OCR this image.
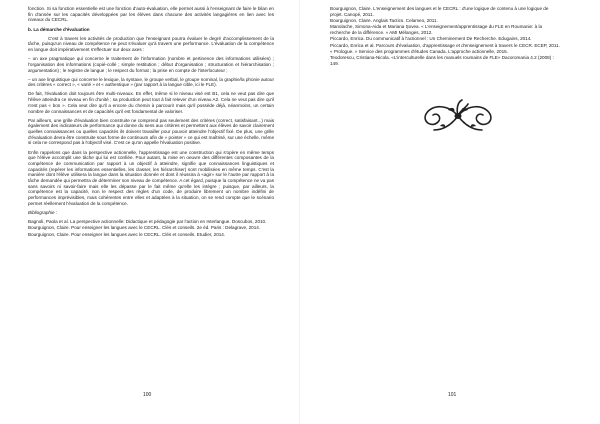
fonction. Si sa fonction essentielle est une fonction d'auto-évaluation, elle permet aussi à l'enseignant de faire le bilan en fin d'année sur les capacités développées par les élèves dans chacune des activités langagières en lien avec les niveaux du CECRL.

b. La démarche d'évaluation

C'est à travers les activités de production que l'enseignant pourra évaluer le degré d'accomplissement de la tâche, puisqu'un niveau de compétence ne peut s'évaluer qu'à travers une performance. L'évaluation de la compétence en langue doit impérativement s'effectuer sur deux axes :

– un axe pragmatique qui concerne le traitement de l'information (nombre et pertinence des informations utilisées) ; l'organisation des informations (copié-collé ; simple restitution ; début d'organisation ; structuration et hiérarchisation ; argumentation) ; le registre de langue ; le respect du format ; la prise en compte de l'interlocuteur ;

– un axe linguistique qui concerne le lexique, la syntaxe, le groupe verbal, le groupe nominal, la graphie/la phonie autour des critères « correct », « varié » et « authentique » (par rapport à la langue cible, ici le FLE).

De fait, l'évaluation doit toujours être multi-niveaux. En effet, même si le niveau visé est B1, cela ne veut pas dire que l'élève atteindra ce niveau en fin d'unité ; sa production peut tout à fait relever d'un niveau A2. Cela ne veut pas dire qu'il n'est pas « bon ». Cela veut dire qu'il a encore du chemin à parcourir mais qu'il possède déjà, néanmoins, un certain nombre de connaissances et de capacités qu'il est fondamental de valoriser.

Par ailleurs, une grille d'évaluation bien construite ne comprend pas seulement des critères (correct, satisfaisant...) mais également des indicateurs de performance qui donne du sens aux critères et permettent aux élèves de savoir clairement quelles connaissances ou quelles capacités ils doivent travailler pour pouvoir atteindre l'objectif fixé. De plus, une grille d'évaluation devra être construite sous forme de continuum afin de « pointer » ce qui est maîtrisé, sur une échelle, même si cela ne correspond pas à l'objectif visé. C'est ce qu'on appelle l'évaluation positive.

Enfin rappelons que dans la perspective actionnelle, l'apprentissage est une construction qui s'opère en même temps que l'élève accomplit une tâche qui lui est confiée. Pour autant, la mise en oeuvre des différentes composantes de la compétence de communication par rapport à un objectif à atteindre, signifie que connaissances linguistiques et capacités (repérer les informations essentielles, les classer, les hiérarchiser) sont mobilisées en même temps. C'est la manière dont l'élève utilisera la langue dans la situation donnée et dont il réussira à «agir» sur le l'autre par rapport à la tâche demandée qui permettra de déterminer son niveau de compétence. A cet égard, puisque la compétence ne va pas sans savoirs ni savoir-faire mais elle les dépasse par le fait même qu'elle les intègre ; puisque, par ailleurs, la compétence est la capacité, non le respect des règles d'un code, de produire librement un nombre indéfini de performances imprévisibles, mais cohérentes entre elles et adaptées à la situation, on se rend compte que le scénario permet réellement l'évaluation de la compétence.

Bibliographie :

Bagnoli, Paola et al. La perspective actionnelle: Didactique et pédagogie par l'action en Interlangue. Doscubos, 2010.

Bourguignon, Claire. Pour enseigner les langues avec le CECRL. Clés et conseils. 2e éd. Paris : Delagrave, 2014.

Bourguignon, Claire. Pour enseigner les langues avec le CECRL. Clés et conseils. Etudier, 2014.

100

Bourguignon, Claire. L'enseignement des langues et le CECRL : d'une logique de contenu à une logique de projet. Canopé, 2011.

Bourguignon, Claire. Anglais Tactics. Celameo, 2011.

Manolache, Simona-Aida et Mariana Șovea. « L'enseignement/apprentissage du FLE en Roumanie: à la recherche de la différence. » AMI Mélanges, 2012.

Piccardo, Enrica. Du communicatif à l'actionnel : Un Cheminement De Recherche. Edugains, 2014.

Piccardo, Enrica et al. Parcours d'évaluation, d'apprentissage et d'enseignement à travers le CECR. ECEP, 2011.

« Prologue. » Service des programmes d'études Canada. L'approche actionnelle, 2015.

Teodorescu, Cristiana-Nicola. «L'interculturelle dans les manuels roumains de FLE» Dacoromania 4.2 (2008) : 149.

101
